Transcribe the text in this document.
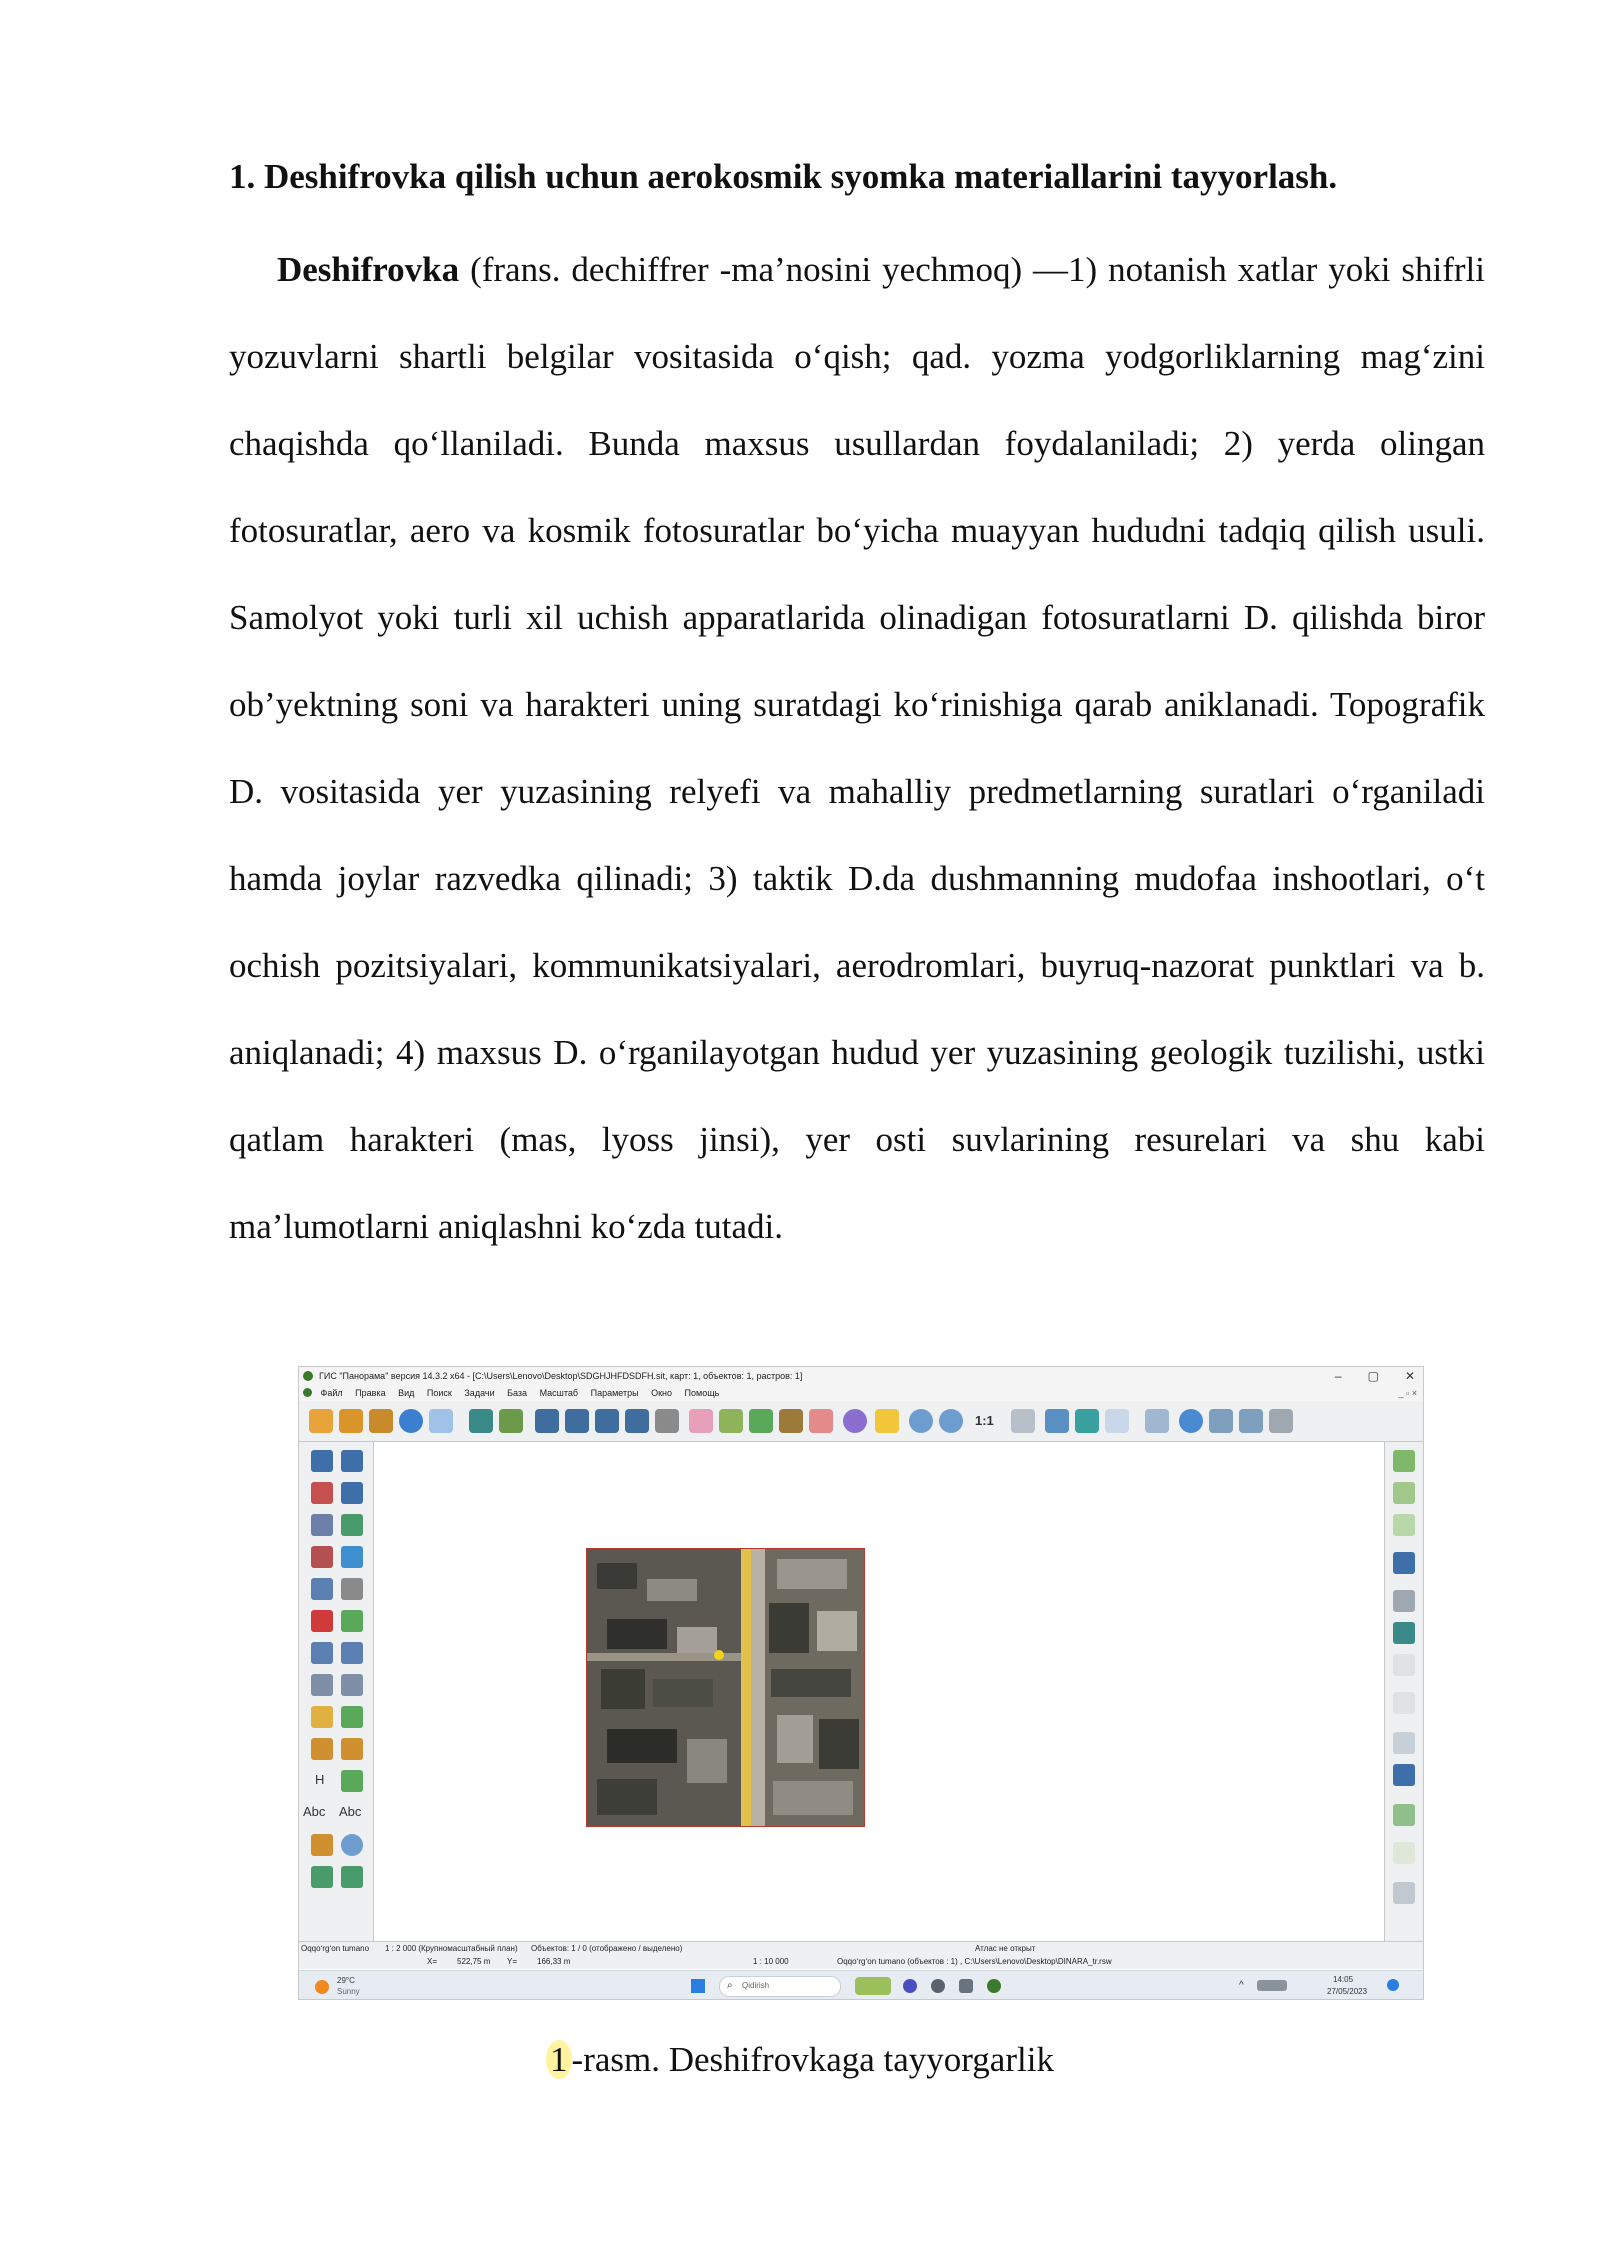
1. Deshifrovka qilish uchun aerokosmik syomka materiallarini tayyorlash.

Deshifrovka (frans. dechiffrer -ma’nosini yechmoq) —1) notanish xatlar yoki shifrli yozuvlarni shartli belgilar vositasida oʻqish; qad. yozma yodgorliklarning magʻzini chaqishda qoʻllaniladi. Bunda maxsus usullardan foydalaniladi; 2) yerda olingan fotosuratlar, aero va kosmik fotosuratlar boʻyicha muayyan hududni tadqiq qilish usuli. Samolyot yoki turli xil uchish apparatlarida olinadigan fotosuratlarni D. qilishda biror ob’yektning soni va harakteri uning suratdagi koʻrinishiga qarab aniklanadi. Topografik D. vositasida yer yuzasining relyefi va mahalliy predmetlarning suratlari oʻrganiladi hamda joylar razvedka qilinadi; 3) taktik D.da dushmanning mudofaa inshootlari, oʻt ochish pozitsiyalari, kommunikatsiyalari, aerodromlari, buyruq-nazorat punktlari va b. aniqlanadi; 4) maxsus D. oʻrganilayotgan hudud yer yuzasining geologik tuzilishi, ustki qatlam harakteri (mas, lyoss jinsi), yer osti suvlarining resurelari va shu kabi ma’lumotlarni aniqlashni koʻzda tutadi.

ГИС "Панорама" версия 14.3.2 x64 - [C:\Users\Lenovo\Desktop\SDGHJHFDSDFH.sit, карт: 1, объектов: 1, растров: 1]	– ▢ ✕
Файл Правка Вид Поиск Задачи База Масштаб Параметры Окно Помощь	_ ▫ ×
1:1
H
Abc Abc
Oqqoʻrgʻon tumano 1 : 2 000 (Крупномасштабный план) Объектов: 1 / 0 (отображено / выделено)	Атлас не открыт
X= 522,75 m Y= 166,33 m	1 : 10 000	Oqqoʻrgʻon tumano (объектов : 1) , C:\Users\Lenovo\Desktop\DINARA_tr.rsw
29°C
Sunny
⌕ Qidirish	^
14:05
27/05/2023

1 -rasm. Deshifrovkaga tayyorgarlik
